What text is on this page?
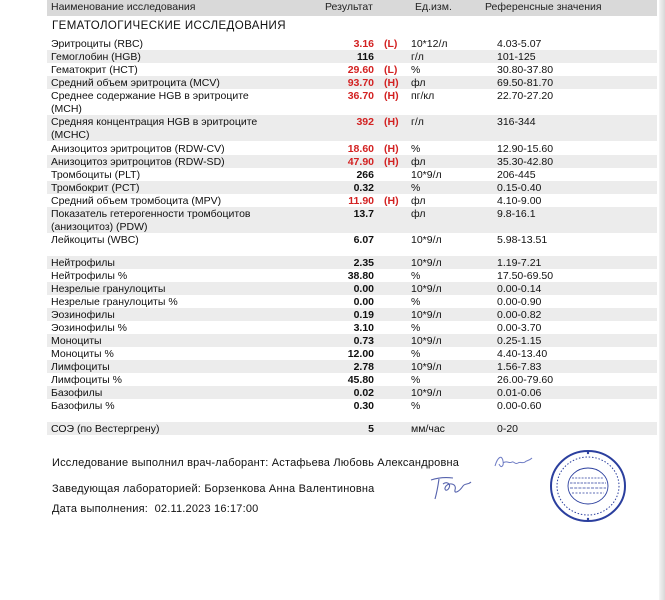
Наименование исследования	Результат	Ед.изм.	Референсные значения
ГЕМАТОЛОГИЧЕСКИЕ ИССЛЕДОВАНИЯ
Эритроциты (RBC)	3.16 (L)	10*12/л	4.03-5.07
Гемоглобин (HGB)	116	г/л	101-125
Гематокрит (HCT)	29.60 (L)	%	30.80-37.80
Средний объем эритроцита (MCV)	93.70 (H)	фл	69.50-81.70
Среднее содержание HGB в эритроците (MCH)
36.70 (H)	пг/кл	22.70-27.20
Средняя концентрация HGB в эритроците (MCHC)
392 (H)	г/л	316-344
Анизоцитоз эритроцитов (RDW-CV)	18.60 (H)	%	12.90-15.60
Анизоцитоз эритроцитов (RDW-SD)	47.90 (H)	фл	35.30-42.80
Тромбоциты (PLT)	266	10*9/л	206-445
Тромбокрит (PCT)	0.32	%	0.15-0.40
Средний объем тромбоцита (MPV)	11.90 (H)	фл	4.10-9.00
Показатель гетерогенности тромбоцитов (анизоцитоз) (PDW)
13.7	фл	9.8-16.1
Лейкоциты (WBC)	6.07	10*9/л	5.98-13.51
Нейтрофилы	2.35	10*9/л	1.19-7.21
Нейтрофилы %	38.80	%	17.50-69.50
Незрелые гранулоциты	0.00	10*9/л	0.00-0.14
Незрелые гранулоциты %	0.00	%	0.00-0.90
Эозинофилы	0.19	10*9/л	0.00-0.82
Эозинофилы %	3.10	%	0.00-3.70
Моноциты	0.73	10*9/л	0.25-1.15
Моноциты %	12.00	%	4.40-13.40
Лимфоциты	2.78	10*9/л	1.56-7.83
Лимфоциты %	45.80	%	26.00-79.60
Базофилы	0.02	10*9/л	0.01-0.06
Базофилы %	0.30	%	0.00-0.60
СОЭ (по Вестергрену)	5	мм/час	0-20
Исследование выполнил врач-лаборант: Астафьева Любовь Александровна
Заведующая лабораторией: Борзенкова Анна Валентиновна
Дата выполнения: 02.11.2023 16:17:00
